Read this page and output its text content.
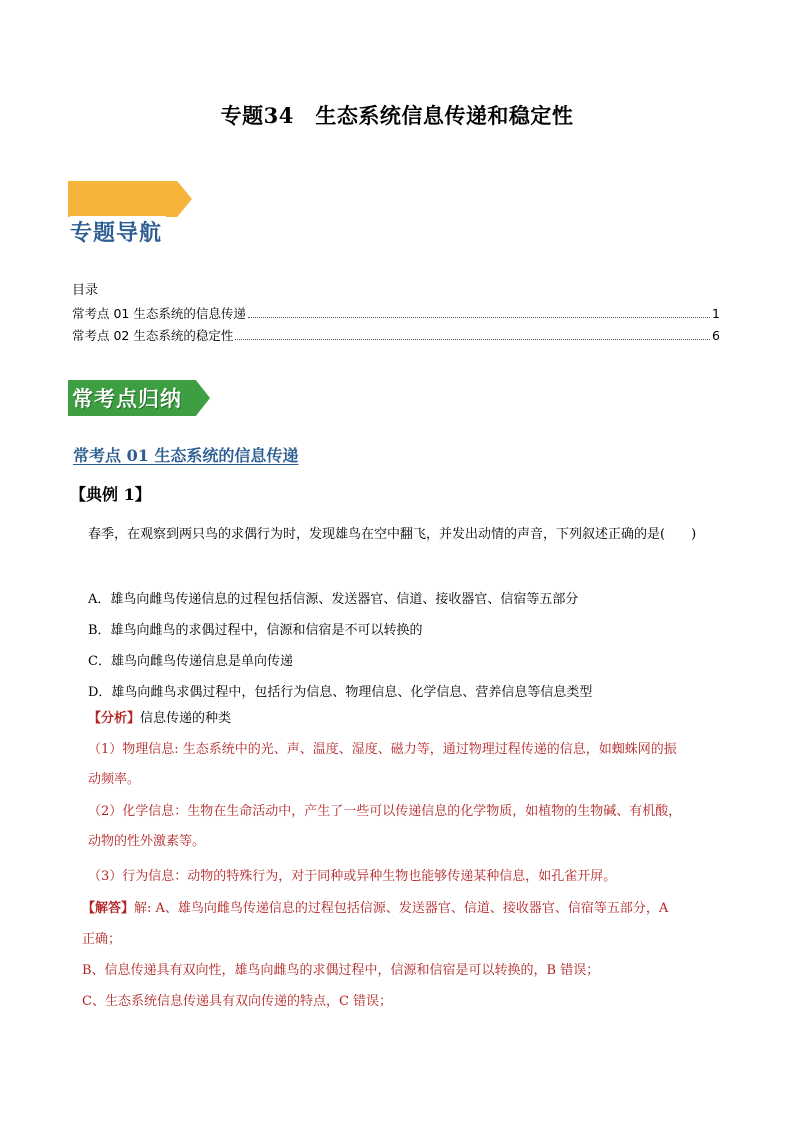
专题34　生态系统信息传递和稳定性
专题导航
目录
常考点 01 生态系统的信息传递	1
常考点 02 生态系统的稳定性	6
常考点归纳
常考点 01 生态系统的信息传递
【典例 1】
春季，在观察到两只鸟的求偶行为时，发现雄鸟在空中翻飞，并发出动情的声音，下列叙述正确的是(　　)
A．雄鸟向雌鸟传递信息的过程包括信源、发送器官、信道、接收器官、信宿等五部分
B．雄鸟向雌鸟的求偶过程中，信源和信宿是不可以转换的
C．雄鸟向雌鸟传递信息是单向传递
D．雄鸟向雌鸟求偶过程中，包括行为信息、物理信息、化学信息、营养信息等信息类型
【分析】信息传递的种类
（1）物理信息: 生态系统中的光、声、温度、湿度、磁力等，通过物理过程传递的信息，如蜘蛛网的振
动频率。
（2）化学信息：生物在生命活动中，产生了一些可以传递信息的化学物质，如植物的生物碱、有机酸，
动物的性外激素等。
（3）行为信息：动物的特殊行为，对于同种或异种生物也能够传递某种信息，如孔雀开屏。
【解答】解: A、雄鸟向雌鸟传递信息的过程包括信源、发送器官、信道、接收器官、信宿等五部分，A
正确；
B、信息传递具有双向性，雄鸟向雌鸟的求偶过程中，信源和信宿是可以转换的，B 错误；
C、生态系统信息传递具有双向传递的特点，C 错误；
